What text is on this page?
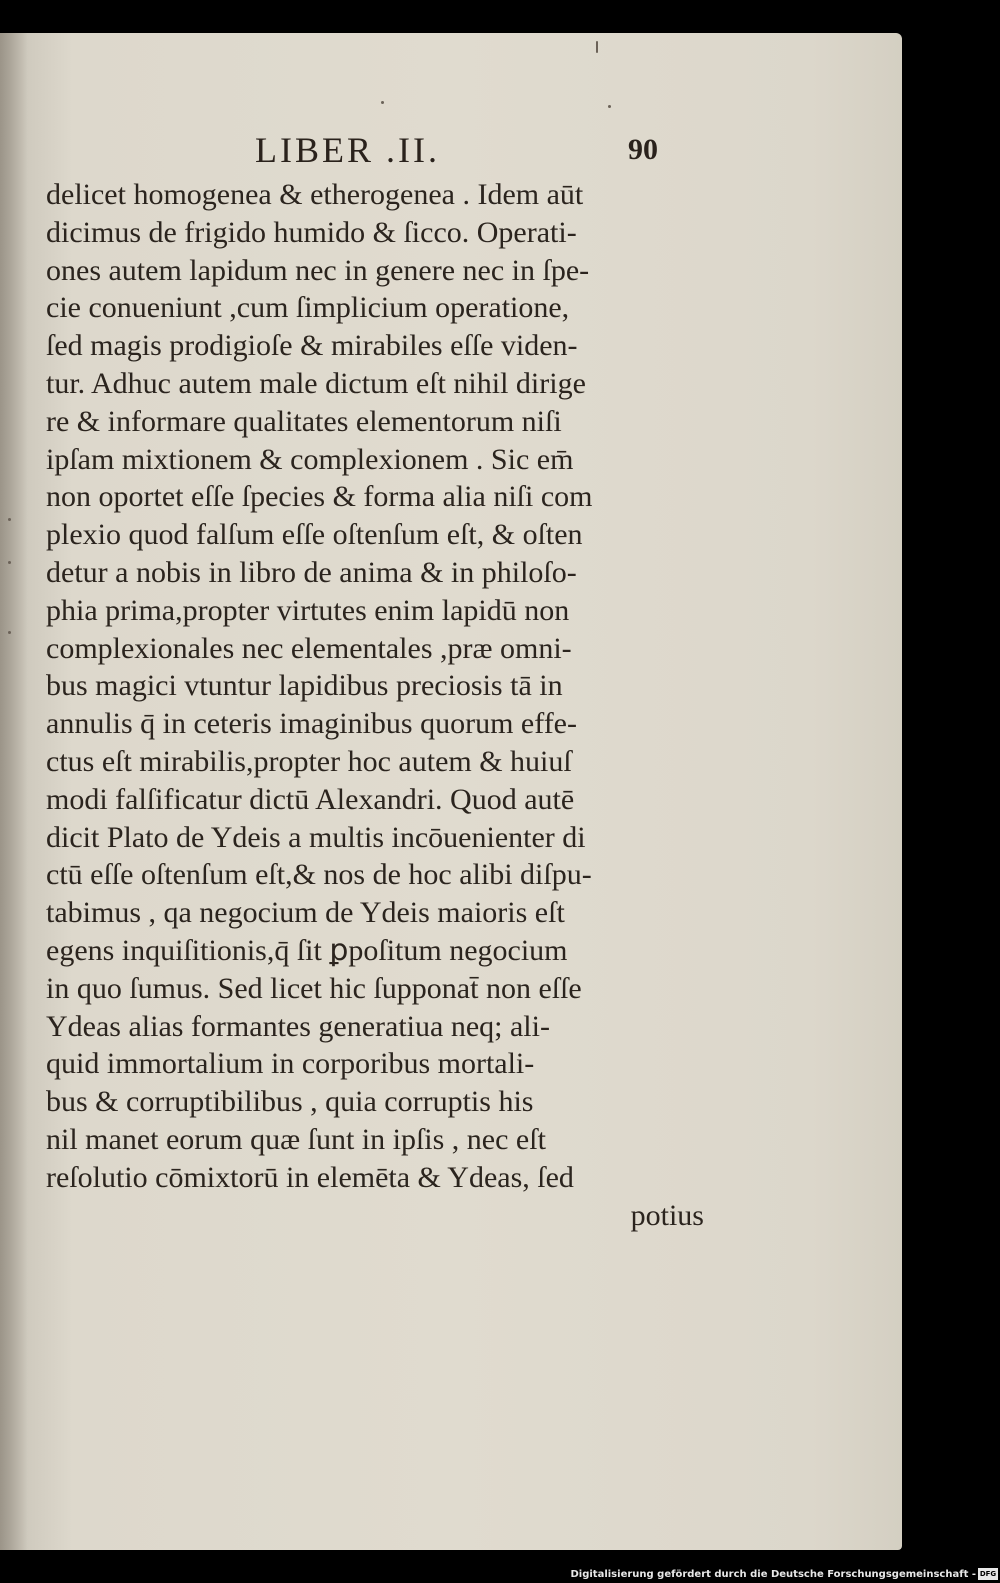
LIBER .II.	90
delicet homogenea & etherogenea . Idem aūt
dicimus de frigido humido & ſicco. Operati-
ones autem lapidum nec in genere nec in ſpe-
cie conueniunt ,cum ſimplicium operatione,
ſed magis prodigioſe & mirabiles eſſe viden-
tur. Adhuc autem male dictum eſt nihil dirige
re & informare qualitates elementorum niſi
ipſam mixtionem & complexionem . Sic em̄
non oportet eſſe ſpecies & forma alia niſi com
plexio quod falſum eſſe oſtenſum eſt, & oſten
detur a nobis in libro de anima & in philoſo-
phia prima,propter virtutes enim lapidū non
complexionales nec elementales ,præ omni-
bus magici vtuntur lapidibus preciosis tā in
annulis q̄ in ceteris imaginibus quorum effe-
ctus eſt mirabilis,propter hoc autem & huiuſ
modi falſificatur dictū Alexandri. Quod autē
dicit Plato de Ydeis a multis incōuenienter di
ctū eſſe oſtenſum eſt,& nos de hoc alibi diſpu-
tabimus , qa negocium de Ydeis maioris eſt
egens inquiſitionis,q̄ ſit ꝑpoſitum negocium
in quo ſumus. Sed licet hic ſupponat̄ non eſſe
Ydeas alias formantes generatiua neq; ali-
quid immortalium in corporibus mortali-
bus & corruptibilibus , quia corruptis his
nil manet eorum quæ ſunt in ipſis , nec eſt
reſolutio cōmixtorū in elemēta & Ydeas, ſed
potius
Digitalisierung gefördert durch die Deutsche Forschungsgemeinschaft - DFG
